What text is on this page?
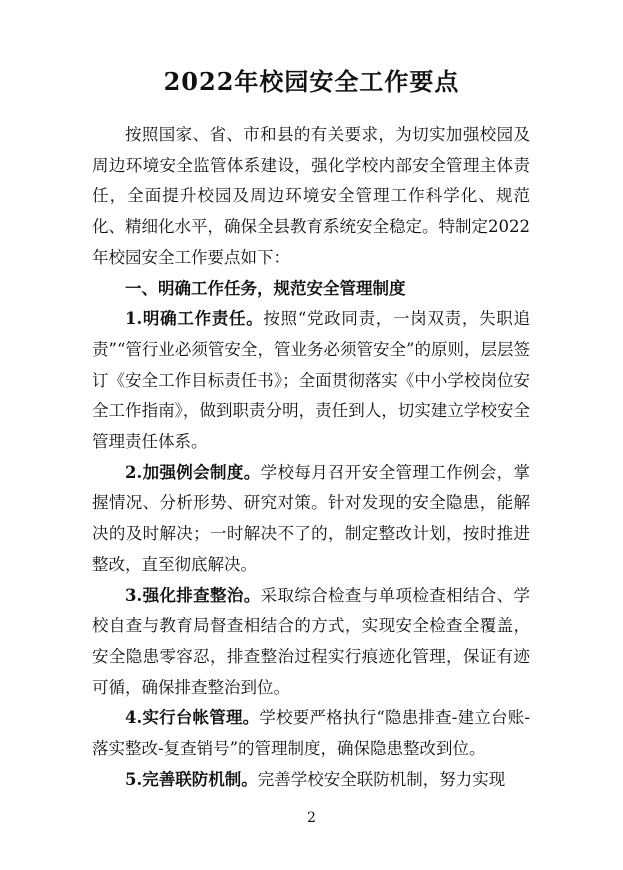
2022年校园安全工作要点

按照国家、省、市和县的有关要求，为切实加强校园及周边环境安全监管体系建设，强化学校内部安全管理主体责任，全面提升校园及周边环境安全管理工作科学化、规范化、精细化水平，确保全县教育系统安全稳定。特制定2022年校园安全工作要点如下：

一、明确工作任务，规范安全管理制度

1.明确工作责任。按照“党政同责，一岗双责，失职追责”“管行业必须管安全，管业务必须管安全”的原则，层层签订《安全工作目标责任书》；全面贯彻落实《中小学校岗位安全工作指南》，做到职责分明，责任到人，切实建立学校安全管理责任体系。

2.加强例会制度。学校每月召开安全管理工作例会，掌握情况、分析形势、研究对策。针对发现的安全隐患，能解决的及时解决；一时解决不了的，制定整改计划，按时推进整改，直至彻底解决。

3.强化排查整治。采取综合检查与单项检查相结合、学校自查与教育局督查相结合的方式，实现安全检查全覆盖，安全隐患零容忍，排查整治过程实行痕迹化管理，保证有迹可循，确保排查整治到位。

4.实行台帐管理。学校要严格执行“隐患排查-建立台账-落实整改-复查销号”的管理制度，确保隐患整改到位。

5.完善联防机制。完善学校安全联防机制，努力实现

2
